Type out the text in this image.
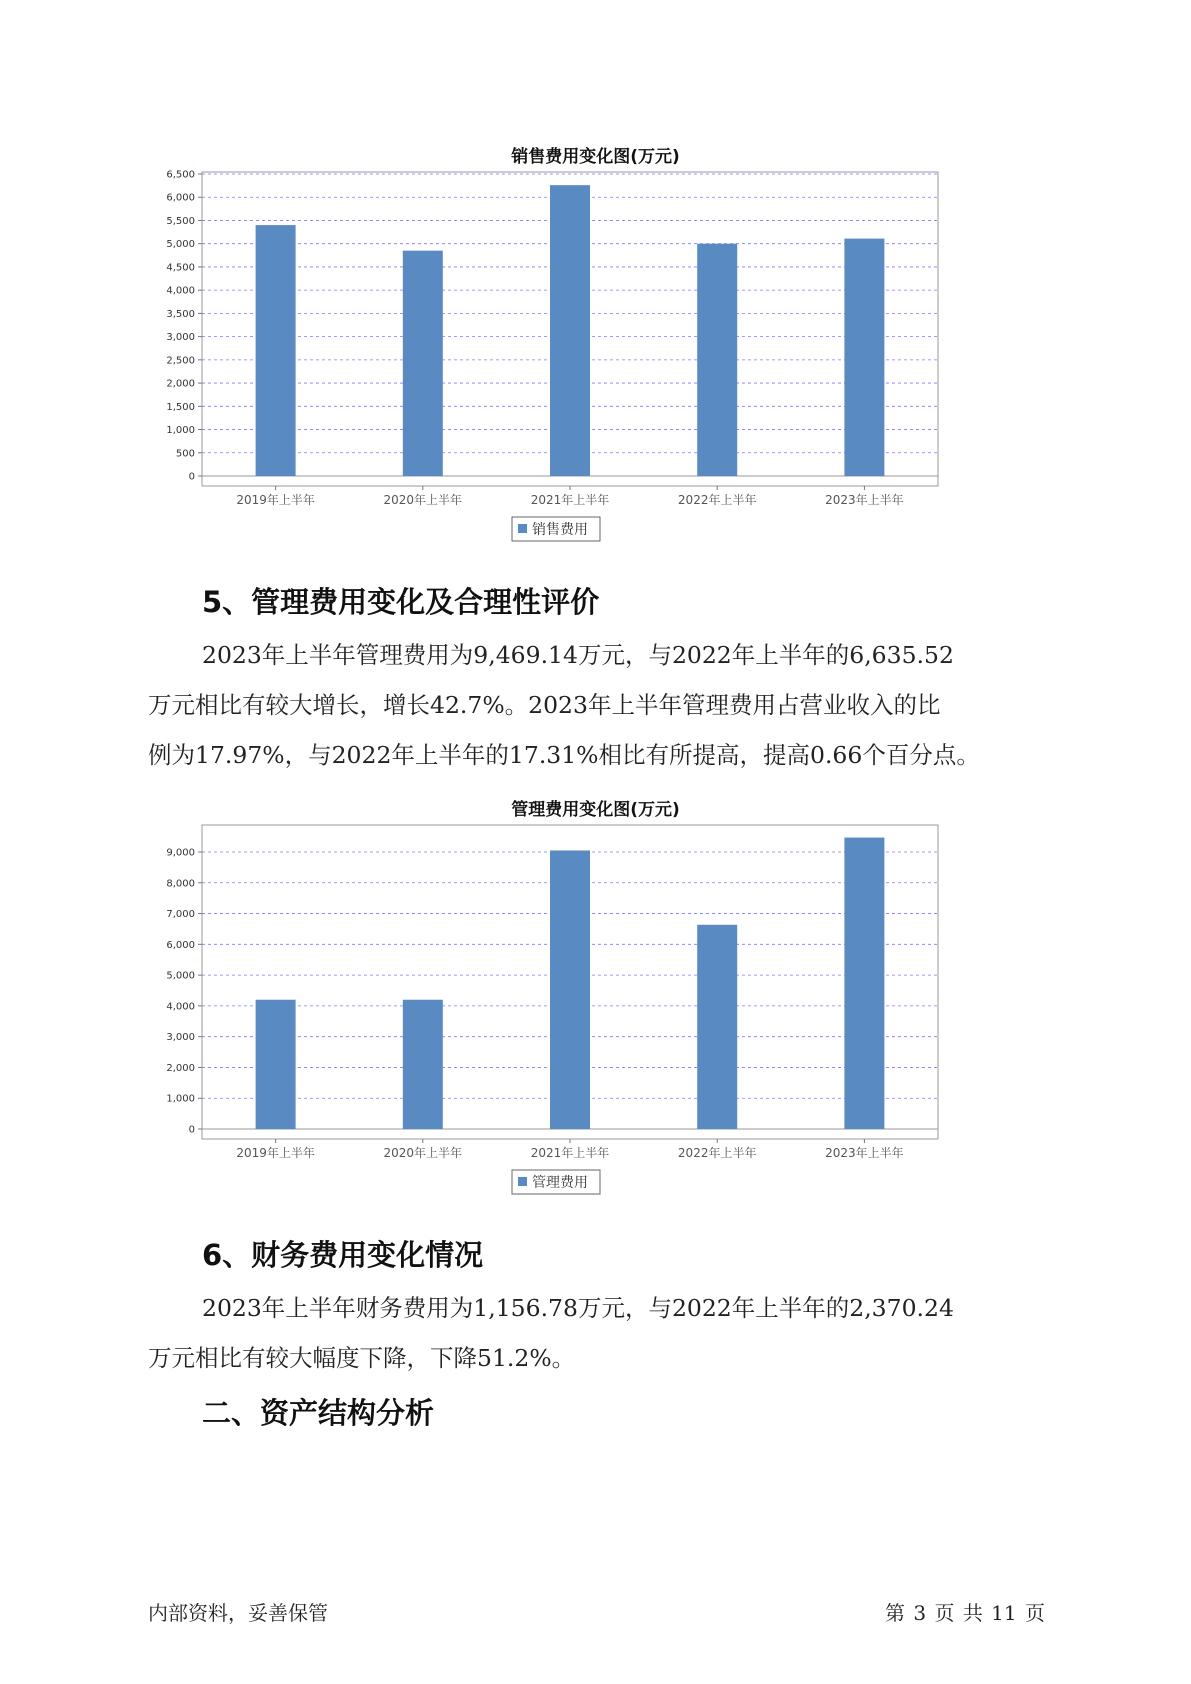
销售费用变化图(万元)
0
500
1,000
1,500
2,000
2,500
3,000
3,500
4,000
4,500
5,000
5,500
6,000
6,500
2019年上半年	2020年上半年	2021年上半年	2022年上半年	2023年上半年
销售费用
5、管理费用变化及合理性评价
2023年上半年管理费用为9,469.14万元，与2022年上半年的6,635.52
万元相比有较大增长，增长42.7%。2023年上半年管理费用占营业收入的比
例为17.97%，与2022年上半年的17.31%相比有所提高，提高0.66个百分点。
管理费用变化图(万元)
0
1,000
2,000
3,000
4,000
5,000
6,000
7,000
8,000
9,000
2019年上半年	2020年上半年	2021年上半年	2022年上半年	2023年上半年
管理费用
6、财务费用变化情况
2023年上半年财务费用为1,156.78万元，与2022年上半年的2,370.24
万元相比有较大幅度下降，下降51.2%。
二、资产结构分析
内部资料，妥善保管	第 3 页 共 11 页
